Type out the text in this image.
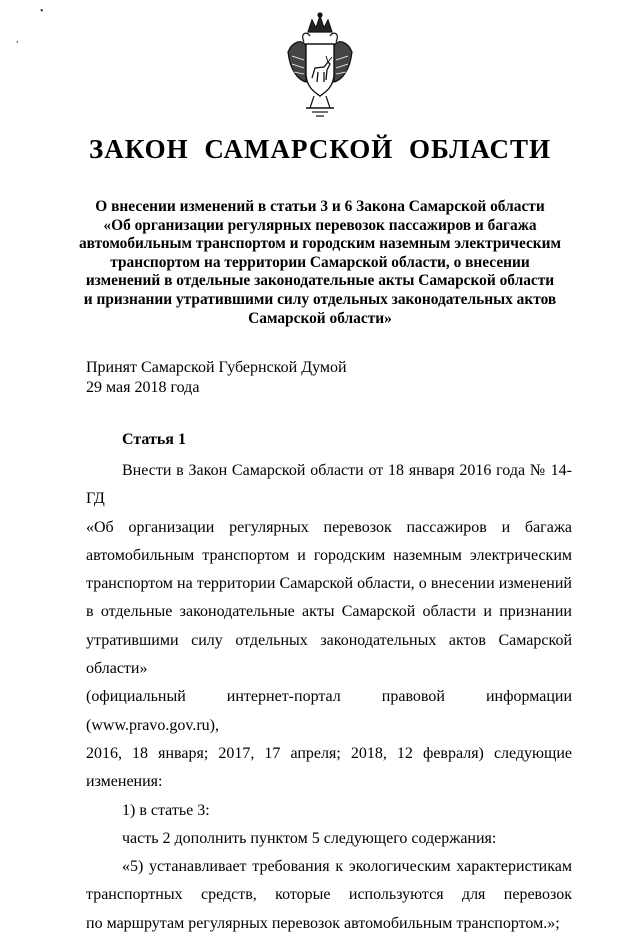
•
,
ЗАКОН САМАРСКОЙ ОБЛАСТИ
О внесении изменений в статьи 3 и 6 Закона Самарской области
«Об организации регулярных перевозок пассажиров и багажа
автомобильным транспортом и городским наземным электрическим
транспортом на территории Самарской области, о внесении
изменений в отдельные законодательные акты Самарской области
и признании утратившими силу отдельных законодательных актов
Самарской области»
Принят Самарской Губернской Думой
29 мая 2018 года
Статья 1

Внести в Закон Самарской области от 18 января 2016 года № 14-ГД

«Об организации регулярных перевозок пассажиров и багажа

автомобильным транспортом и городским наземным электрическим

транспортом на территории Самарской области, о внесении изменений

в отдельные законодательные акты Самарской области и признании

утратившими силу отдельных законодательных актов Самарской области»

(официальный интернет-портал правовой информации (www.pravo.gov.ru),

2016, 18 января; 2017, 17 апреля; 2018, 12 февраля) следующие изменения:

1) в статье 3:

часть 2 дополнить пунктом 5 следующего содержания:

«5) устанавливает требования к экологическим характеристикам

транспортных средств, которые используются для перевозок

по маршрутам регулярных перевозок автомобильным транспортом.»;
